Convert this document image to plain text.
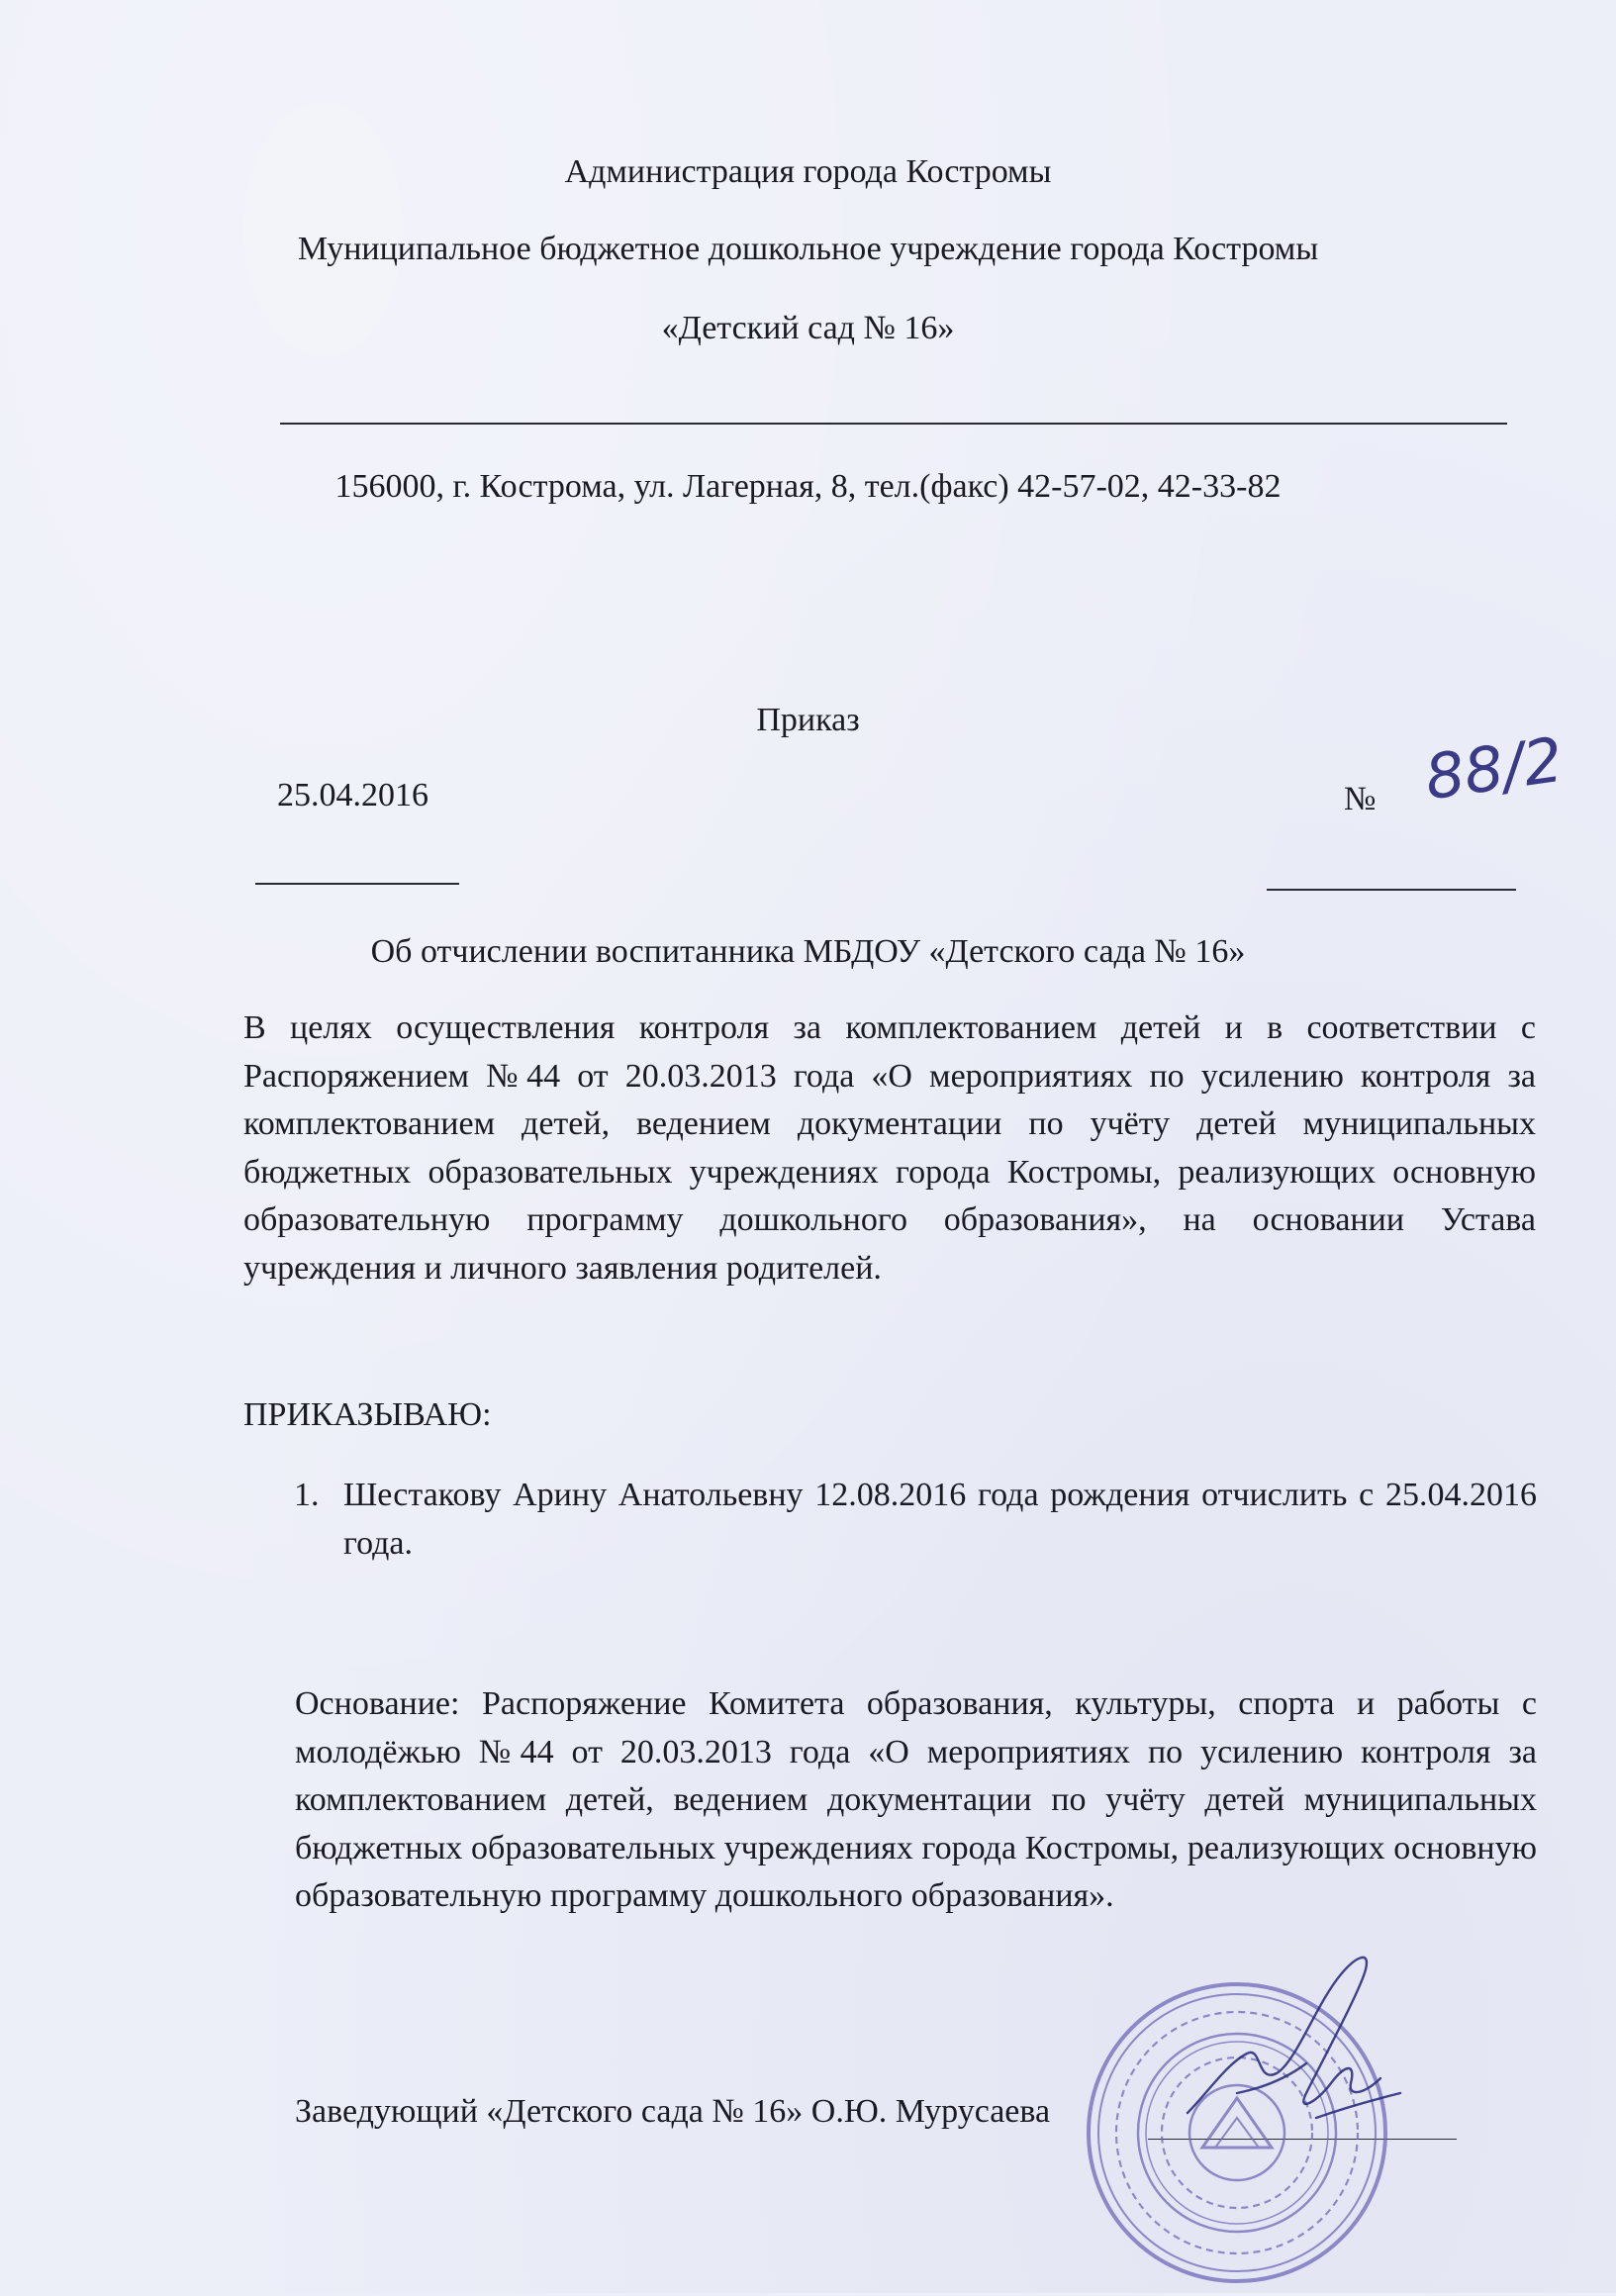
Администрация города Костромы
Муниципальное бюджетное дошкольное учреждение города Костромы
«Детский сад № 16»
156000, г. Кострома, ул. Лагерная, 8, тел.(факс) 42-57-02, 42-33-82
Приказ
25.04.2016	№ 88/2
Об отчислении воспитанника МБДОУ «Детского сада № 16»
В целях осуществления контроля за комплектованием детей и в соответствии с Распоряжением №44 от 20.03.2013 года «О мероприятиях по усилению контроля за комплектованием детей, ведением документации по учёту детей муниципальных бюджетных образовательных учреждениях города Костромы, реализующих основную образовательную программу дошкольного образования», на основании Устава учреждения и личного заявления родителей.
ПРИКАЗЫВАЮ:
1. Шестакову Арину Анатольевну 12.08.2016 года рождения отчислить с 25.04.2016 года.
Основание: Распоряжение Комитета образования, культуры, спорта и работы с молодёжью №44 от 20.03.2013 года «О мероприятиях по усилению контроля за комплектованием детей, ведением документации по учёту детей муниципальных бюджетных образовательных учреждениях города Костромы, реализующих основную образовательную программу дошкольного образования».
Заведующий «Детского сада № 16» О.Ю. Мурусаева
